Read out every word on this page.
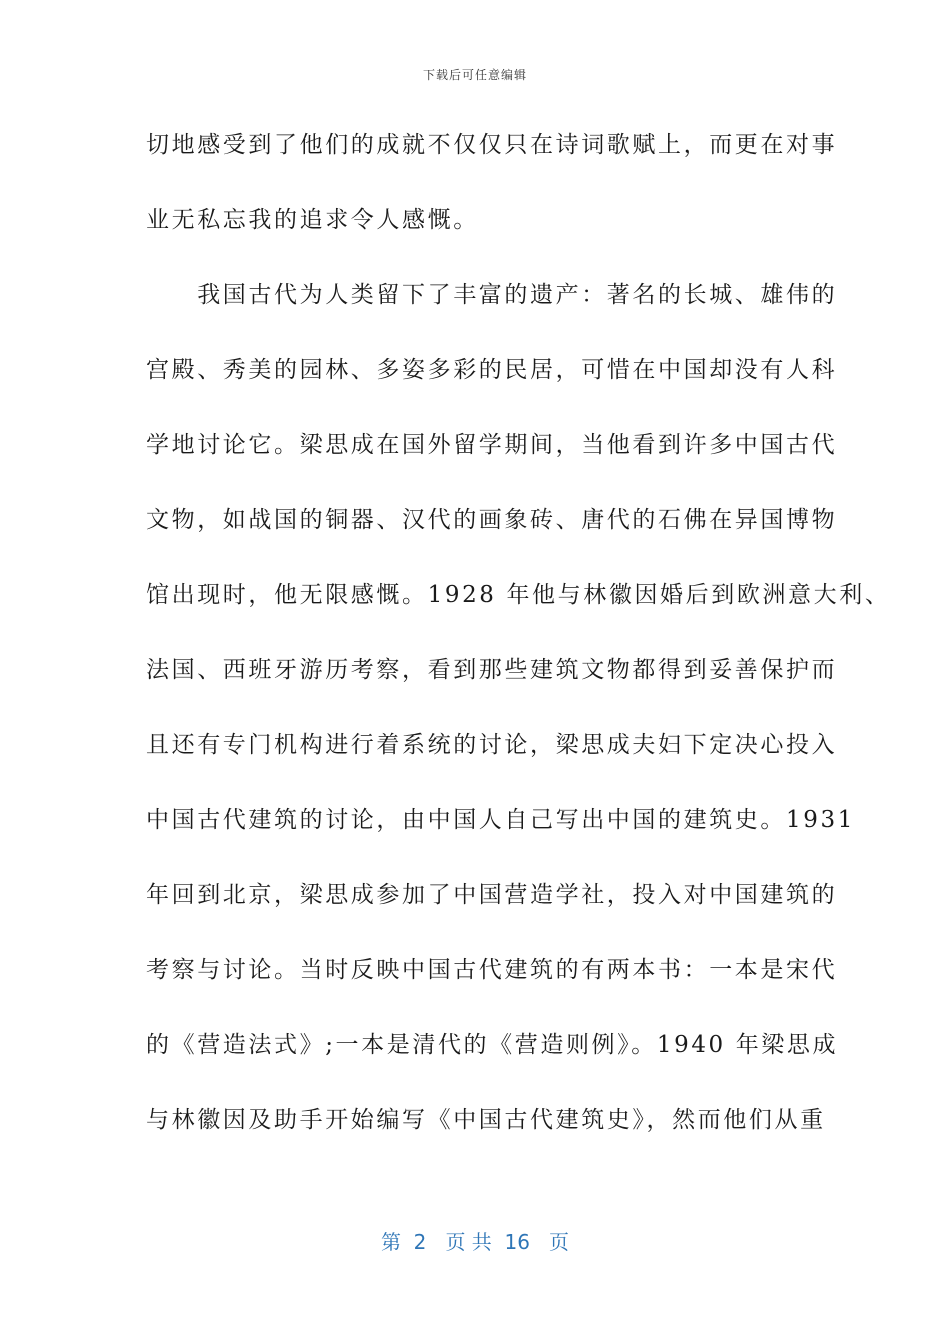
下载后可任意编辑
切地感受到了他们的成就不仅仅只在诗词歌赋上，而更在对事
业无私忘我的追求令人感慨。
　　我国古代为人类留下了丰富的遗产：著名的长城、雄伟的
宫殿、秀美的园林、多姿多彩的民居，可惜在中国却没有人科
学地讨论它。梁思成在国外留学期间，当他看到许多中国古代
文物，如战国的铜器、汉代的画象砖、唐代的石佛在异国博物
馆出现时，他无限感慨。1928 年他与林徽因婚后到欧洲意大利、
法国、西班牙游历考察，看到那些建筑文物都得到妥善保护而
且还有专门机构进行着系统的讨论，梁思成夫妇下定决心投入
中国古代建筑的讨论，由中国人自己写出中国的建筑史。1931
年回到北京，梁思成参加了中国营造学社，投入对中国建筑的
考察与讨论。当时反映中国古代建筑的有两本书：一本是宋代
的《营造法式》;一本是清代的《营造则例》。1940 年梁思成
与林徽因及助手开始编写《中国古代建筑史》，然而他们从重
第  2   页 共  16   页
